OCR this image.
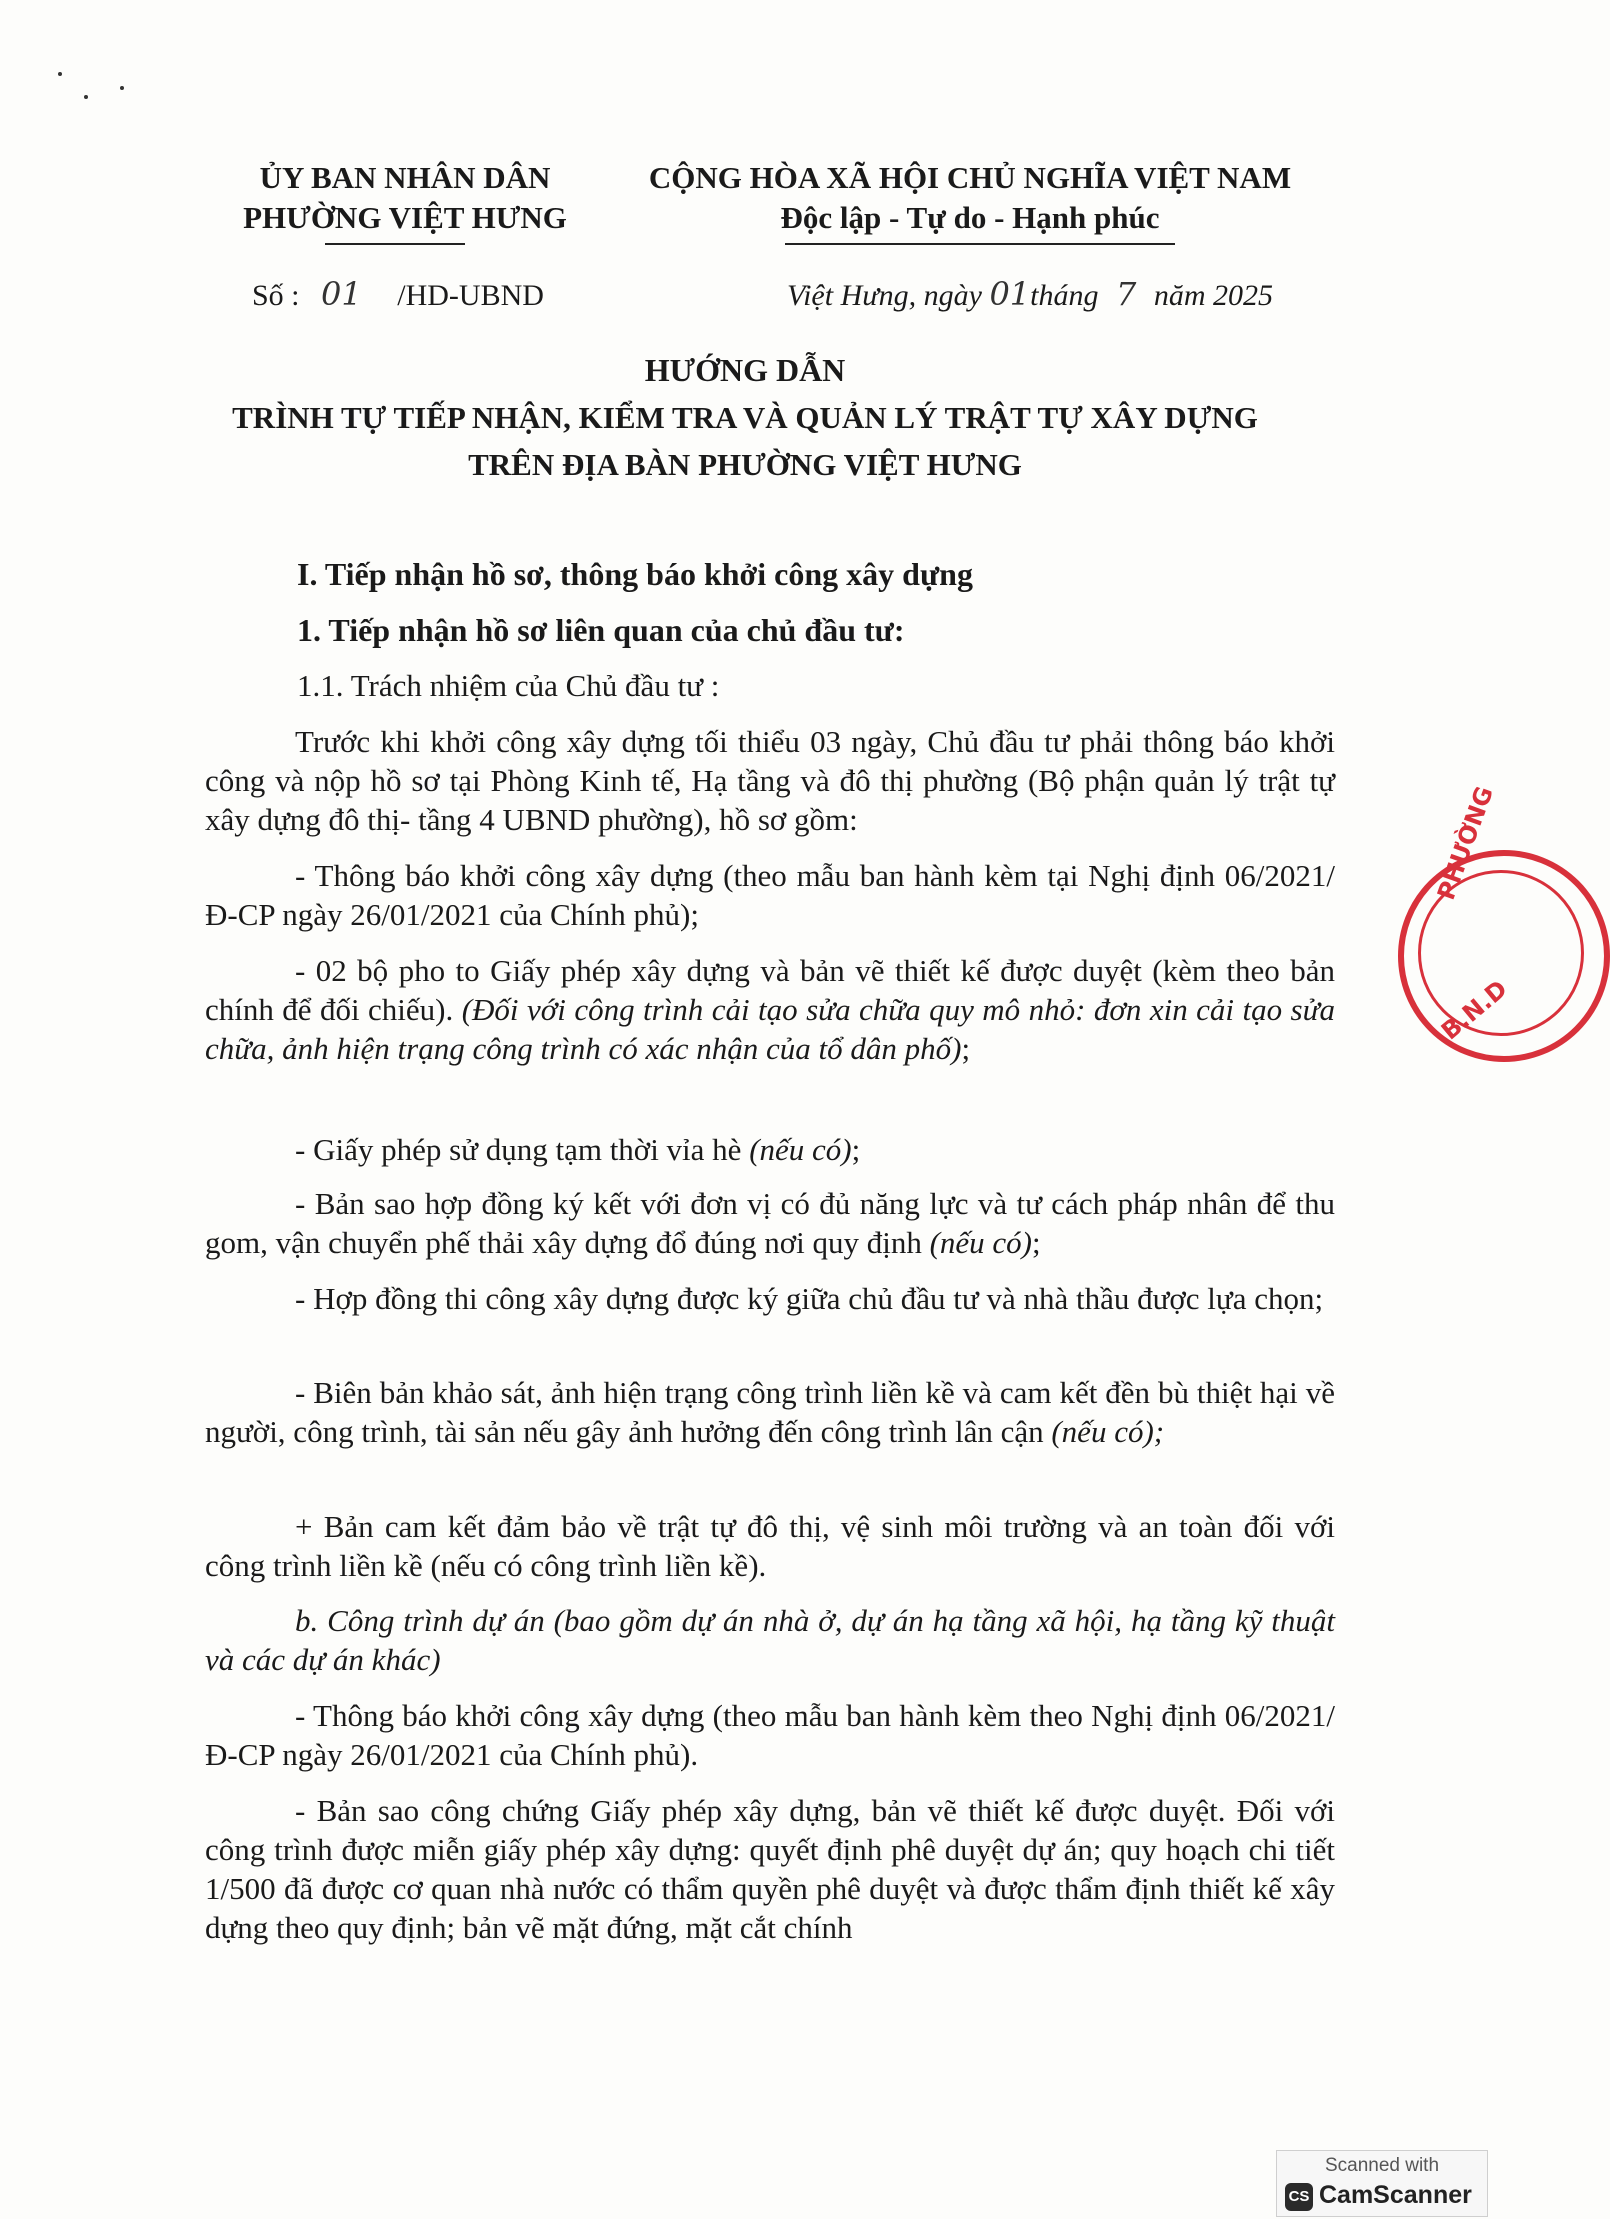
ỦY BAN NHÂN DÂN
PHƯỜNG VIỆT HƯNG
CỘNG HÒA XÃ HỘI CHỦ NGHĨA VIỆT NAM
Độc lập - Tự do - Hạnh phúc
Số : 01 /HD-UBND	Việt Hưng, ngày 01tháng 7 năm 2025
HƯỚNG DẪN
TRÌNH TỰ TIẾP NHẬN, KIỂM TRA VÀ QUẢN LÝ TRẬT TỰ XÂY DỰNG
TRÊN ĐỊA BÀN PHƯỜNG VIỆT HƯNG
I. Tiếp nhận hồ sơ, thông báo khởi công xây dựng
1. Tiếp nhận hồ sơ liên quan của chủ đầu tư:
1.1. Trách nhiệm của Chủ đầu tư :
Trước khi khởi công xây dựng tối thiểu 03 ngày, Chủ đầu tư phải thông báo khởi công và nộp hồ sơ tại Phòng Kinh tế, Hạ tầng và đô thị phường (Bộ phận quản lý trật tự xây dựng đô thị- tầng 4 UBND phường), hồ sơ gồm:
- Thông báo khởi công xây dựng (theo mẫu ban hành kèm tại Nghị định 06/2021/Đ-CP ngày 26/01/2021 của Chính phủ);
- 02 bộ pho to Giấy phép xây dựng và bản vẽ thiết kế được duyệt (kèm theo bản chính để đối chiếu). (Đối với công trình cải tạo sửa chữa quy mô nhỏ: đơn xin cải tạo sửa chữa, ảnh hiện trạng công trình có xác nhận của tổ dân phố);
- Giấy phép sử dụng tạm thời vỉa hè (nếu có);
- Bản sao hợp đồng ký kết với đơn vị có đủ năng lực và tư cách pháp nhân để thu gom, vận chuyển phế thải xây dựng đổ đúng nơi quy định (nếu có);
- Hợp đồng thi công xây dựng được ký giữa chủ đầu tư và nhà thầu được lựa chọn;
- Biên bản khảo sát, ảnh hiện trạng công trình liền kề và cam kết đền bù thiệt hại về người, công trình, tài sản nếu gây ảnh hưởng đến công trình lân cận (nếu có);
+ Bản cam kết đảm bảo về trật tự đô thị, vệ sinh môi trường và an toàn đối với công trình liền kề (nếu có công trình liền kề).
b. Công trình dự án (bao gồm dự án nhà ở, dự án hạ tầng xã hội, hạ tầng kỹ thuật và các dự án khác)
- Thông báo khởi công xây dựng (theo mẫu ban hành kèm theo Nghị định 06/2021/Đ-CP ngày 26/01/2021 của Chính phủ).
- Bản sao công chứng Giấy phép xây dựng, bản vẽ thiết kế được duyệt. Đối với công trình được miễn giấy phép xây dựng: quyết định phê duyệt dự án; quy hoạch chi tiết 1/500 đã được cơ quan nhà nước có thẩm quyền phê duyệt và được thẩm định thiết kế xây dựng theo quy định; bản vẽ mặt đứng, mặt cắt chính
PHƯỜNG
B.N.D
Scanned with
CS CamScanner
